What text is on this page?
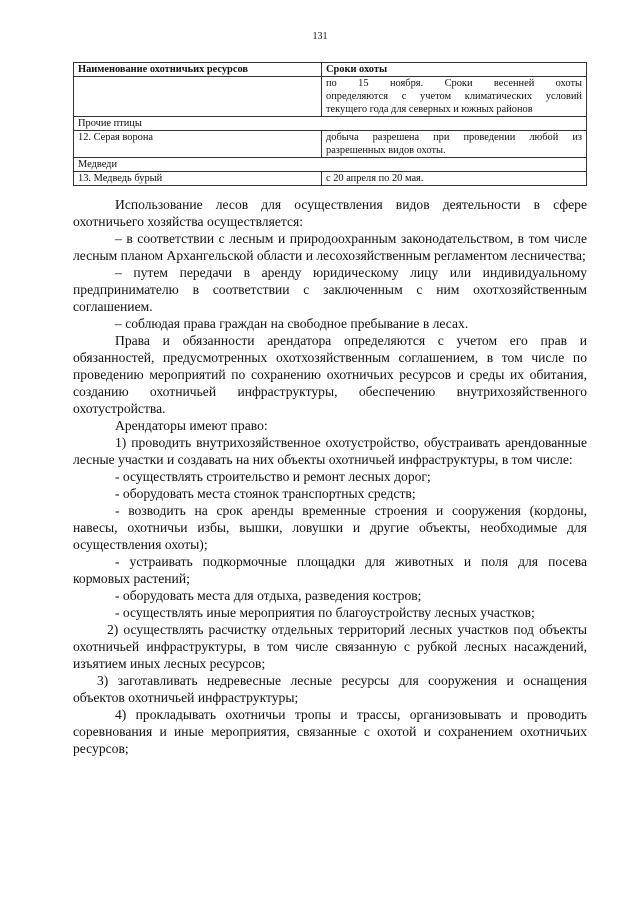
131
Наименование охотничьих ресурсов	Сроки охоты

	по 15 ноября. Сроки весенней охоты
определяются с учетом климатических условий
текущего года для северных и южных районов

Прочие птицы	
12. Серая ворона	добыча разрешена при проведении любой из
разрешенных видов охоты.

Медведи	
13. Медведь бурый	с 20 апреля по 20 мая.

Использование лесов для осуществления видов деятельности в сфере охотничьего хозяйства осуществляется:

– в соответствии с лесным и природоохранным законодательством, в том числе лесным планом Архангельской области и лесохозяйственным регламентом лесничества;

– путем передачи в аренду юридическому лицу или индивидуальному предпринимателю в соответствии с заключенным с ним охотхозяйственным соглашением.

– соблюдая права граждан на свободное пребывание в лесах.

Права и обязанности арендатора определяются с учетом его прав и обязанностей, предусмотренных охотхозяйственным соглашением, в том числе по проведению мероприятий по сохранению охотничьих ресурсов и среды их обитания, созданию охотничьей инфраструктуры, обеспечению внутрихозяйственного охотустройства.

Арендаторы имеют право:

1) проводить внутрихозяйственное охотустройство, обустраивать арендованные лесные участки и создавать на них объекты охотничьей инфраструктуры, в том числе:

- осуществлять строительство и ремонт лесных дорог;

- оборудовать места стоянок транспортных средств;

- возводить на срок аренды временные строения и сооружения (кордоны, навесы, охотничьи избы, вышки, ловушки и другие объекты, необходимые для осуществления охоты);

- устраивать подкормочные площадки для животных и поля для посева кормовых растений;

- оборудовать места для отдыха, разведения костров;

- осуществлять иные мероприятия по благоустройству лесных участков;

2) осуществлять расчистку отдельных территорий лесных участков под объекты охотничьей инфраструктуры, в том числе связанную с рубкой лесных насаждений, изъятием иных лесных ресурсов;

3) заготавливать недревесные лесные ресурсы для сооружения и оснащения объектов охотничьей инфраструктуры;

4) прокладывать охотничьи тропы и трассы, организовывать и проводить соревнования и иные мероприятия, связанные с охотой и сохранением охотничьих ресурсов;
